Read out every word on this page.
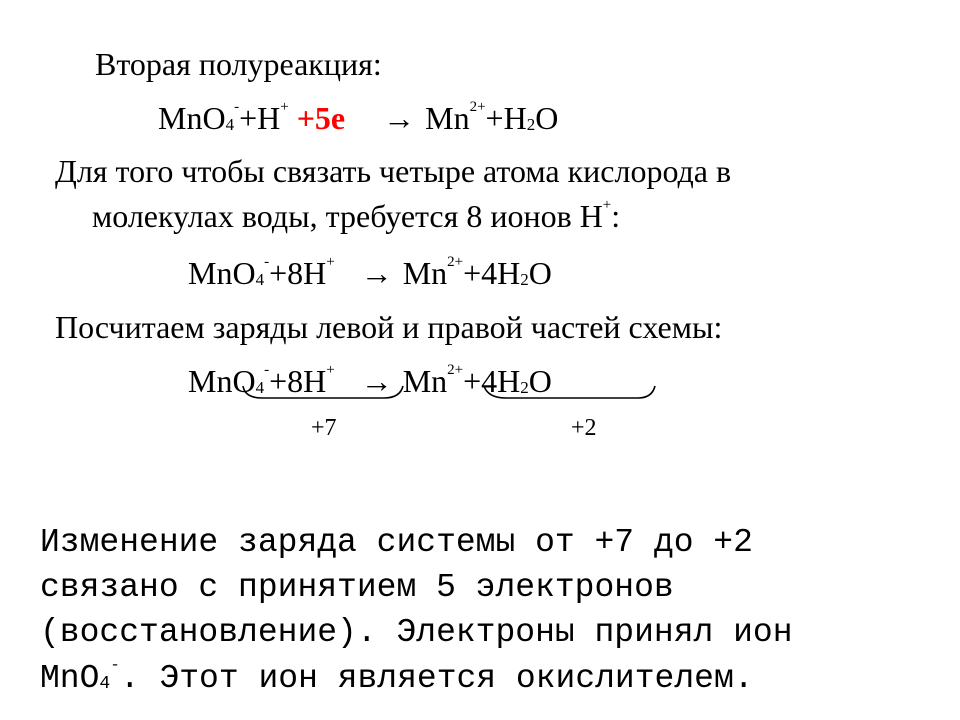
Вторая полуреакция:
$MnO4^-+H^+ +5e \to Mn^{2+}+H2O$
Для того чтобы связать четыре атома кислорода в
молекулах воды, требуется 8 ионов H+:
$MnO4^-+8H^+ \to Mn^{2+}+4H2O$
Посчитаем заряды левой и правой частей схемы:
$MnO4^-+8H^+ \to Mn^{2+}+4H2O$
+7	+2
Изменение заряда системы от +7 до +2
связано с принятием 5 электронов
(восстановление). Электроны принял ион
MnO4-. Этот ион является окислителем.
